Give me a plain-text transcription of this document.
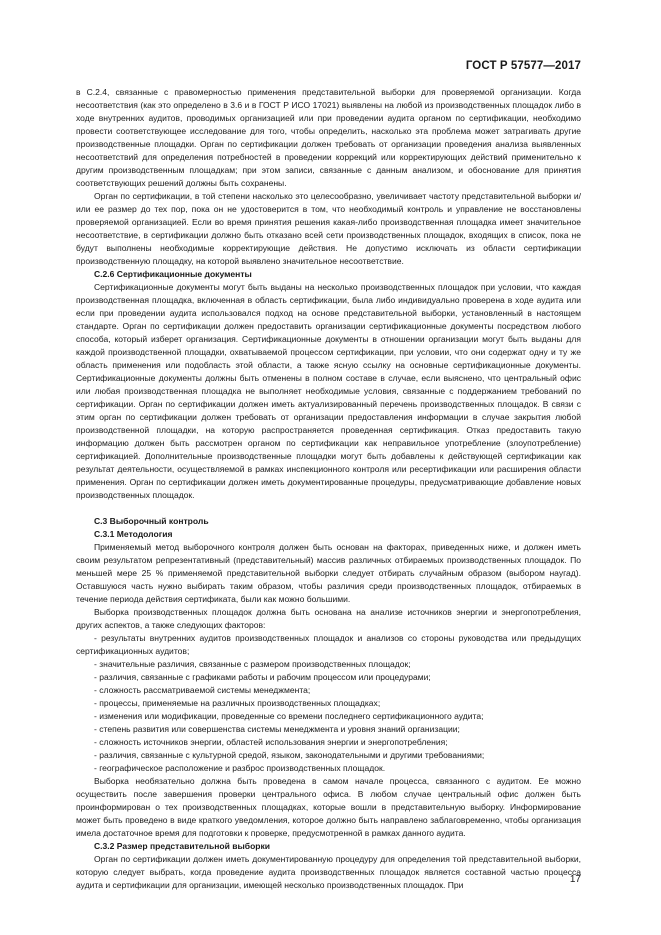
ГОСТ Р 57577—2017

в С.2.4, связанные с правомерностью применения представительной выборки для проверяемой организации. Когда несоответствия (как это определено в 3.6 и в ГОСТ Р ИСО 17021) выявлены на любой из производственных площадок либо в ходе внутренних аудитов, проводимых организацией или при проведении аудита органом по сертификации, необходимо провести соответствующее исследование для того, чтобы определить, насколько эта проблема может затрагивать другие производственные площадки. Орган по сертификации должен требовать от организации проведения анализа выявленных несоответствий для определения потребностей в проведении коррекций или корректирующих действий применительно к другим производственным площадкам; при этом записи, связанные с данным анализом, и обоснование для принятия соответствующих решений должны быть сохранены.

Орган по сертификации, в той степени насколько это целесообразно, увеличивает частоту представительной выборки и/или ее размер до тех пор, пока он не удостоверится в том, что необходимый контроль и управление не восстановлены проверяемой организацией. Если во время принятия решения какая-либо производственная площадка имеет значительное несоответствие, в сертификации должно быть отказано всей сети производственных площадок, входящих в список, пока не будут выполнены необходимые корректирующие действия. Не допустимо исключать из области сертификации производственную площадку, на которой выявлено значительное несоответствие.

С.2.6 Сертификационные документы

Сертификационные документы могут быть выданы на несколько производственных площадок при условии, что каждая производственная площадка, включенная в область сертификации, была либо индивидуально проверена в ходе аудита или если при проведении аудита использовался подход на основе представительной выборки, установленный в настоящем стандарте. Орган по сертификации должен предоставить организации сертификационные документы посредством любого способа, который изберет организация. Сертификационные документы в отношении организации могут быть выданы для каждой производственной площадки, охватываемой процессом сертификации, при условии, что они содержат одну и ту же область применения или подобласть этой области, а также ясную ссылку на основные сертификационные документы. Сертификационные документы должны быть отменены в полном составе в случае, если выяснено, что центральный офис или любая производственная площадка не выполняет необходимые условия, связанные с поддержанием требований по сертификации. Орган по сертификации должен иметь актуализированный перечень производственных площадок. В связи с этим орган по сертификации должен требовать от организации предоставления информации в случае закрытия любой производственной площадки, на которую распространяется проведенная сертификация. Отказ предоставить такую информацию должен быть рассмотрен органом по сертификации как неправильное употребление (злоупотребление) сертификацией. Дополнительные производственные площадки могут быть добавлены к действующей сертификации как результат деятельности, осуществляемой в рамках инспекционного контроля или ресертификации или расширения области применения. Орган по сертификации должен иметь документированные процедуры, предусматривающие добавление новых производственных площадок.

С.3 Выборочный контроль

С.3.1 Методология

Применяемый метод выборочного контроля должен быть основан на факторах, приведенных ниже, и должен иметь своим результатом репрезентативный (представительный) массив различных отбираемых производственных площадок. По меньшей мере 25 % применяемой представительной выборки следует отбирать случайным образом (выбором наугад). Оставшуюся часть нужно выбирать таким образом, чтобы различия среди производственных площадок, отбираемых в течение периода действия сертификата, были как можно большими.

Выборка производственных площадок должна быть основана на анализе источников энергии и энергопотребления, других аспектов, а также следующих факторов:

- результаты внутренних аудитов производственных площадок и анализов со стороны руководства или предыдущих сертификационных аудитов;

- значительные различия, связанные с размером производственных площадок;

- различия, связанные с графиками работы и рабочим процессом или процедурами;

- сложность рассматриваемой системы менеджмента;

- процессы, применяемые на различных производственных площадках;

- изменения или модификации, проведенные со времени последнего сертификационного аудита;

- степень развития или совершенства системы менеджмента и уровня знаний организации;

- сложность источников энергии, областей использования энергии и энергопотребления;

- различия, связанные с культурной средой, языком, законодательными и другими требованиями;

- географическое расположение и разброс производственных площадок.

Выборка необязательно должна быть проведена в самом начале процесса, связанного с аудитом. Ее можно осуществить после завершения проверки центрального офиса. В любом случае центральный офис должен быть проинформирован о тех производственных площадках, которые вошли в представительную выборку. Информирование может быть проведено в виде краткого уведомления, которое должно быть направлено заблаговременно, чтобы организация имела достаточное время для подготовки к проверке, предусмотренной в рамках данного аудита.

С.3.2 Размер представительной выборки

Орган по сертификации должен иметь документированную процедуру для определения той представительной выборки, которую следует выбрать, когда проведение аудита производственных площадок является составной частью процесса аудита и сертификации для организации, имеющей несколько производственных площадок. При	17
